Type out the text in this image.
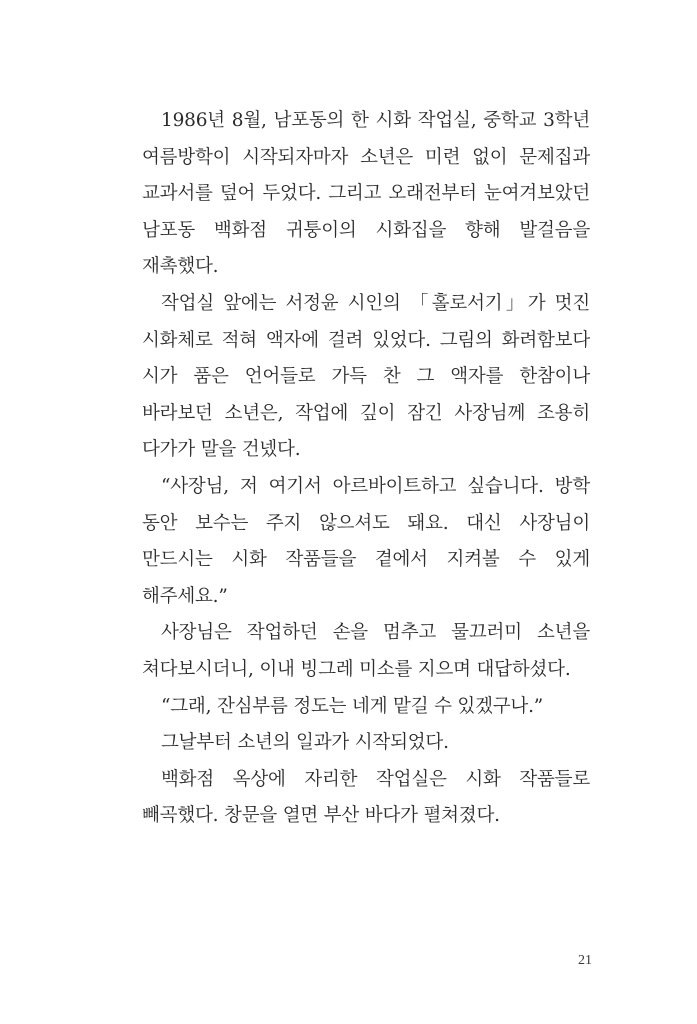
1986년 8월, 남포동의 한 시화 작업실, 중학교 3학년 여름방학이 시작되자마자 소년은 미련 없이 문제집과 교과서를 덮어 두었다. 그리고 오래전부터 눈여겨보았던 남포동 백화점 귀퉁이의 시화집을 향해 발걸음을 재촉했다.

작업실 앞에는 서정윤 시인의 「홀로서기」가 멋진 시화체로 적혀 액자에 걸려 있었다. 그림의 화려함보다 시가 품은 언어들로 가득 찬 그 액자를 한참이나 바라보던 소년은, 작업에 깊이 잠긴 사장님께 조용히 다가가 말을 건넸다.

“사장님, 저 여기서 아르바이트하고 싶습니다. 방학 동안 보수는 주지 않으셔도 돼요. 대신 사장님이 만드시는 시화 작품들을 곁에서 지켜볼 수 있게 해주세요.”

사장님은 작업하던 손을 멈추고 물끄러미 소년을 쳐다보시더니, 이내 빙그레 미소를 지으며 대답하셨다.

“그래, 잔심부름 정도는 네게 맡길 수 있겠구나.”

그날부터 소년의 일과가 시작되었다.

백화점 옥상에 자리한 작업실은 시화 작품들로 빼곡했다. 창문을 열면 부산 바다가 펼쳐졌다.

21
